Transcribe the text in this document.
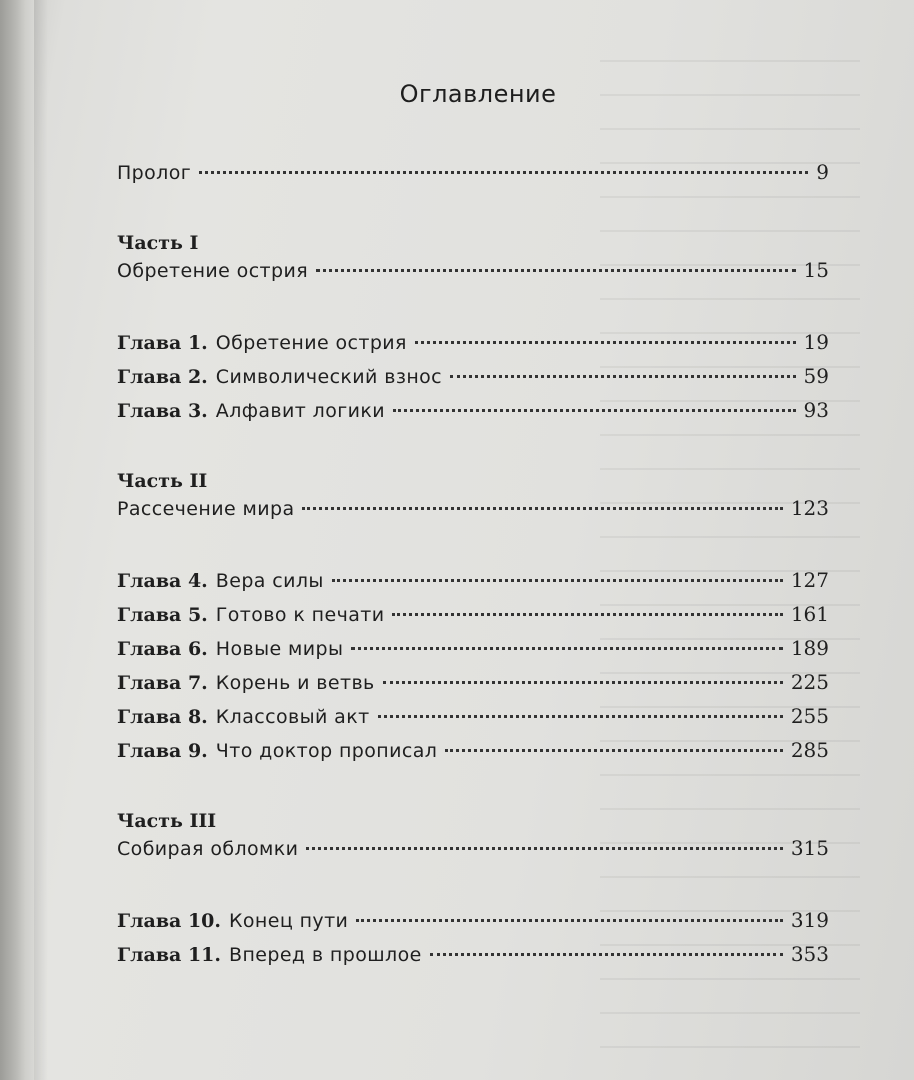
Оглавление
Пролог	9
Часть I
Обретение острия	15
Глава 1. Обретение острия	19
Глава 2. Символический взнос	59
Глава 3. Алфавит логики	93
Часть II
Рассечение мира	123
Глава 4. Вера силы	127
Глава 5. Готово к печати	161
Глава 6. Новые миры	189
Глава 7. Корень и ветвь	225
Глава 8. Классовый акт	255
Глава 9. Что доктор прописал	285
Часть III
Собирая обломки	315
Глава 10. Конец пути	319
Глава 11. Вперед в прошлое	353
